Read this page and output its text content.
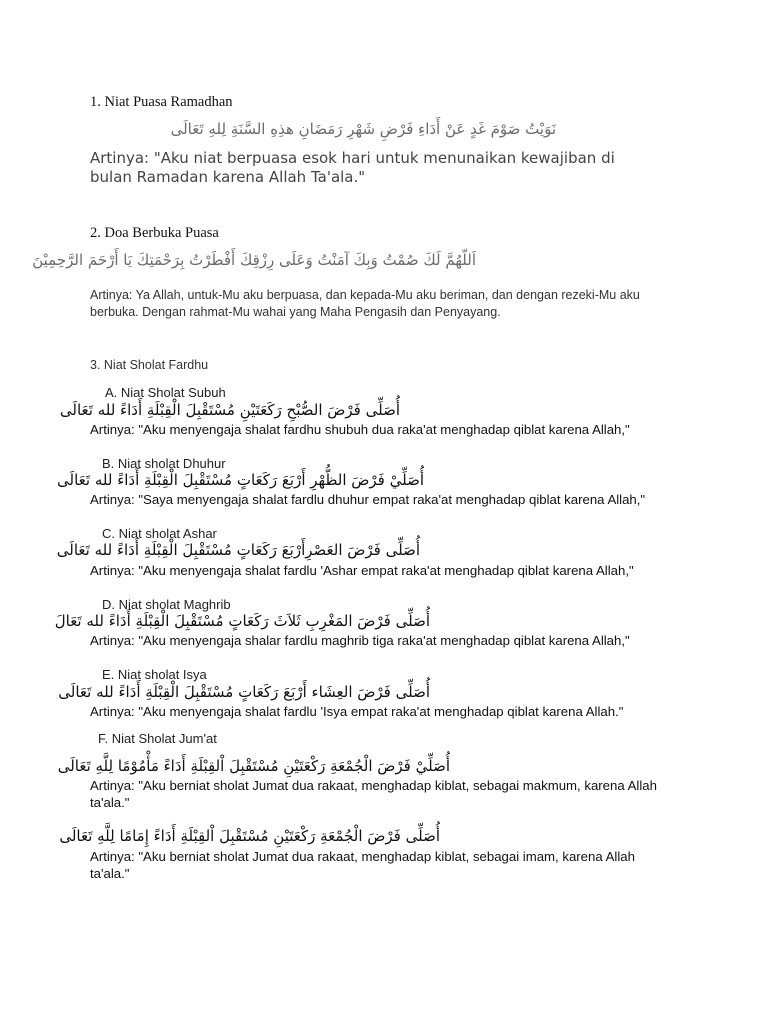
1. Niat Puasa Ramadhan
نَوَيْتُ صَوْمَ غَدٍ عَنْ أَدَاءِ فَرْضِ شَهْرِ رَمَضَانِ هذِهِ السَّنَةِ لِلهِ تَعَالَى
Artinya: "Aku niat berpuasa esok hari untuk menunaikan kewajiban di bulan Ramadan karena Allah Ta'ala."
2. Doa Berbuka Puasa
اَللّهُمَّ لَكَ صُمْتُ وَبِكَ آمَنْتُ وَعَلَى رِزْقِكَ أَفْطَرْتُ بِرَحْمَتِكَ يَا أَرْحَمَ الرَّحِمِيْنَ
Artinya: Ya Allah, untuk-Mu aku berpuasa, dan kepada-Mu aku beriman, dan dengan rezeki-Mu aku berbuka. Dengan rahmat-Mu wahai yang Maha Pengasih dan Penyayang.
3. Niat Sholat Fardhu
A. Niat Sholat Subuh
أُصَلِّى فَرْضَ الصُّبْحِ رَكَعَتَيْنِ مُسْتَقْبِلَ الْقِبْلَةِ أَدَاءً لله تَعَالَى
Artinya: "Aku menyengaja shalat fardhu shubuh dua raka'at menghadap qiblat karena Allah,"
B. Niat sholat Dhuhur
أُصَلِّيْ فَرْضَ الظُّهْرِ أَرْبَعَ رَكَعَاتٍ مُسْتَقْبِلَ الْقِبْلَةِ أَدَاءً لله تَعَالَى
Artinya: "Saya menyengaja shalat fardlu dhuhur empat raka'at menghadap qiblat karena Allah,"
C. Niat sholat Ashar
أُصَلِّى فَرْضَ العَصْرِأَرْبَعَ رَكَعَاتٍ مُسْتَقْبِلَ الْقِبْلَةِ أَدَاءً لله تَعَالَى
Artinya: "Aku menyengaja shalat fardlu 'Ashar empat raka'at menghadap qiblat karena Allah,"
D. Niat sholat Maghrib
أُصَلِّى فَرْضَ المَغْرِبِ ثَلاَثَ رَكَعَاتٍ مُسْتَقْبِلَ الْقِبْلَةِ أَدَاءً لله تَعَالَ
Artinya: "Aku menyengaja shalar fardlu maghrib tiga raka'at menghadap qiblat karena Allah,"
E. Niat sholat Isya
أُصَلِّى فَرْضَ العِشَاء أَرْبَعَ رَكَعَاتٍ مُسْتَقْبِلَ الْقِبْلَةِ أَدَاءً لله تَعَالَى
Artinya: "Aku menyengaja shalat fardlu 'Isya empat raka'at menghadap qiblat karena Allah."
F. Niat Sholat Jum'at
أُصَلِّيْ فَرْضَ الْجُمْعَةِ رَكْعَتَيْنِ مُسْتَقْبِلَ اْلقِبْلَةِ أَدَاءً مَأْمُوْمًا لِلَّهِ تَعَالَى
Artinya: "Aku berniat sholat Jumat dua rakaat, menghadap kiblat, sebagai makmum, karena Allah ta'ala."
أُصَلِّى فَرْضَ الْجُمْعَةِ رَكْعَتَيْنِ مُسْتَقْبِلَ اْلقِبْلَةِ أَدَاءً إِمَامًا لِلَّهِ تَعَالَى
Artinya: "Aku berniat sholat Jumat dua rakaat, menghadap kiblat, sebagai imam, karena Allah ta'ala."
